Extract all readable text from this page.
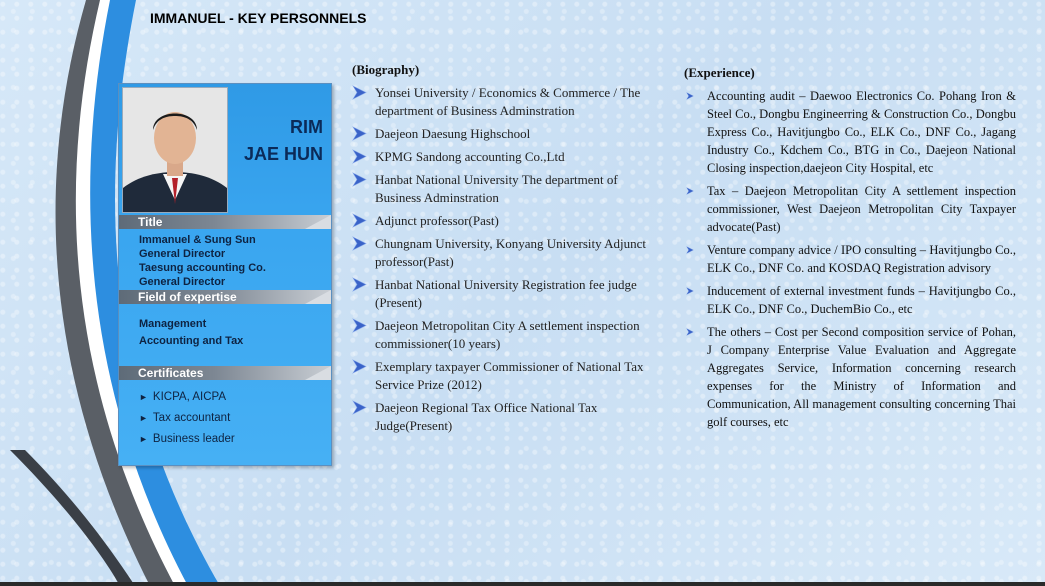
IMMANUEL - KEY PERSONNELS
RIM
JAE HUN
Title
Immanuel & Sung Sun
General Director
Taesung accounting Co.
General Director
Field of expertise
Management
Accounting and Tax
Certificates
► KICPA, AICPA
► Tax accountant
► Business leader
(Biography)
Yonsei University / Economics & Commerce / The department of Business Adminstration
Daejeon Daesung Highschool
KPMG Sandong accounting Co.,Ltd
Hanbat National University The department of Business Adminstration
Adjunct professor(Past)
Chungnam University, Konyang University Adjunct professor(Past)
Hanbat National University Registration fee judge (Present)
Daejeon Metropolitan City A settlement inspection commissioner(10 years)
Exemplary taxpayer Commissioner of National Tax Service Prize (2012)
Daejeon Regional Tax Office National Tax Judge(Present)
(Experience)
Accounting audit – Daewoo Electronics Co. Pohang Iron & Steel Co., Dongbu Engineerring & Construction Co., Dongbu Express Co., Havitjungbo Co., ELK Co., DNF Co., Jagang Industry Co., Kdchem Co., BTG in Co., Daejeon National Closing inspection,daejeon City Hospital, etc
Tax – Daejeon Metropolitan City A settlement inspection commissioner, West Daejeon Metropolitan City Taxpayer advocate(Past)
Venture company advice / IPO consulting – Havitjungbo Co., ELK Co., DNF Co. and KOSDAQ Registration advisory
Inducement of external investment funds – Havitjungbo Co., ELK Co., DNF Co., DuchemBio Co., etc
The others – Cost per Second composition service of Pohan, J Company Enterprise Value Evaluation and Aggregate Aggregates Service, Information concerning research expenses for the Ministry of Information and Communication, All management consulting concerning Thai golf courses, etc
